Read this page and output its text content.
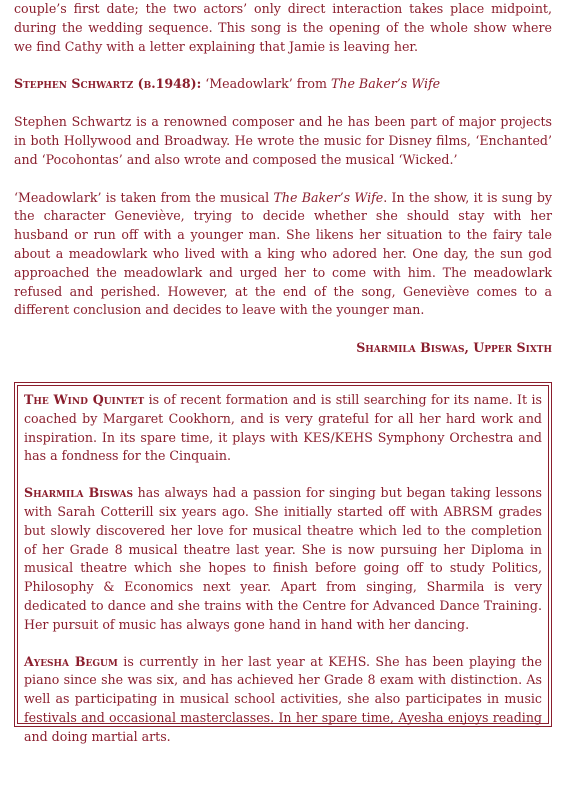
couple’s first date; the two actors’ only direct interaction takes place midpoint, during the wedding sequence. This song is the opening of the whole show where we find Cathy with a letter explaining that Jamie is leaving her.

Stephen Schwartz (b.1948): ‘Meadowlark’ from The Baker’s Wife

Stephen Schwartz is a renowned composer and he has been part of major projects in both Hollywood and Broadway. He wrote the music for Disney films, ‘Enchanted’ and ‘Pocohontas’ and also wrote and composed the musical ‘Wicked.’

‘Meadowlark’ is taken from the musical The Baker’s Wife. In the show, it is sung by the character Geneviève, trying to decide whether she should stay with her husband or run off with a younger man. She likens her situation to the fairy tale about a meadowlark who lived with a king who adored her. One day, the sun god approached the meadowlark and urged her to come with him. The meadowlark refused and perished. However, at the end of the song, Geneviève comes to a different conclusion and decides to leave with the younger man.

Sharmila Biswas, Upper Sixth

The Wind Quintet is of recent formation and is still searching for its name. It is coached by Margaret Cookhorn, and is very grateful for all her hard work and inspiration. In its spare time, it plays with KES/KEHS Symphony Orchestra and has a fondness for the Cinquain.

Sharmila Biswas has always had a passion for singing but began taking lessons with Sarah Cotterill six years ago. She initially started off with ABRSM grades but slowly discovered her love for musical theatre which led to the completion of her Grade 8 musical theatre last year. She is now pursuing her Diploma in musical theatre which she hopes to finish before going off to study Politics, Philosophy & Economics next year. Apart from singing, Sharmila is very dedicated to dance and she trains with the Centre for Advanced Dance Training. Her pursuit of music has always gone hand in hand with her dancing.

Ayesha Begum is currently in her last year at KEHS. She has been playing the piano since she was six, and has achieved her Grade 8 exam with distinction. As well as participating in musical school activities, she also participates in music festivals and occasional masterclasses. In her spare time, Ayesha enjoys reading and doing martial arts.
